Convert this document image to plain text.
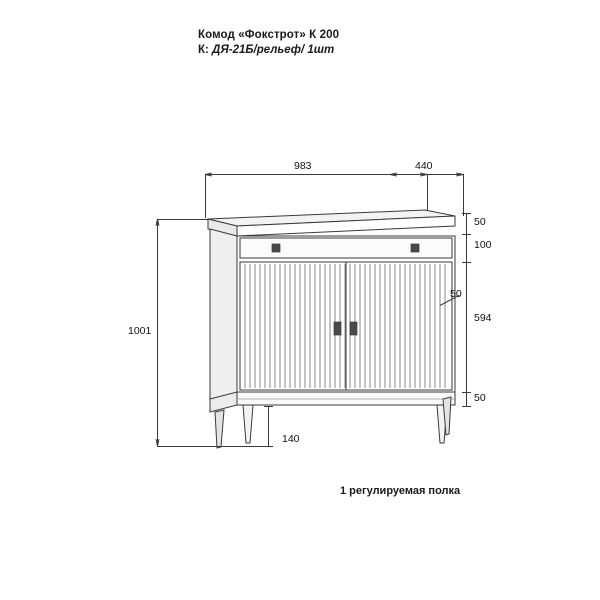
Комод «Фокстрот» К 200
К: ДЯ-21Б/рельеф/ 1шт
983	440
1001
50
100
594
50
50
140
1 регулируемая полка
